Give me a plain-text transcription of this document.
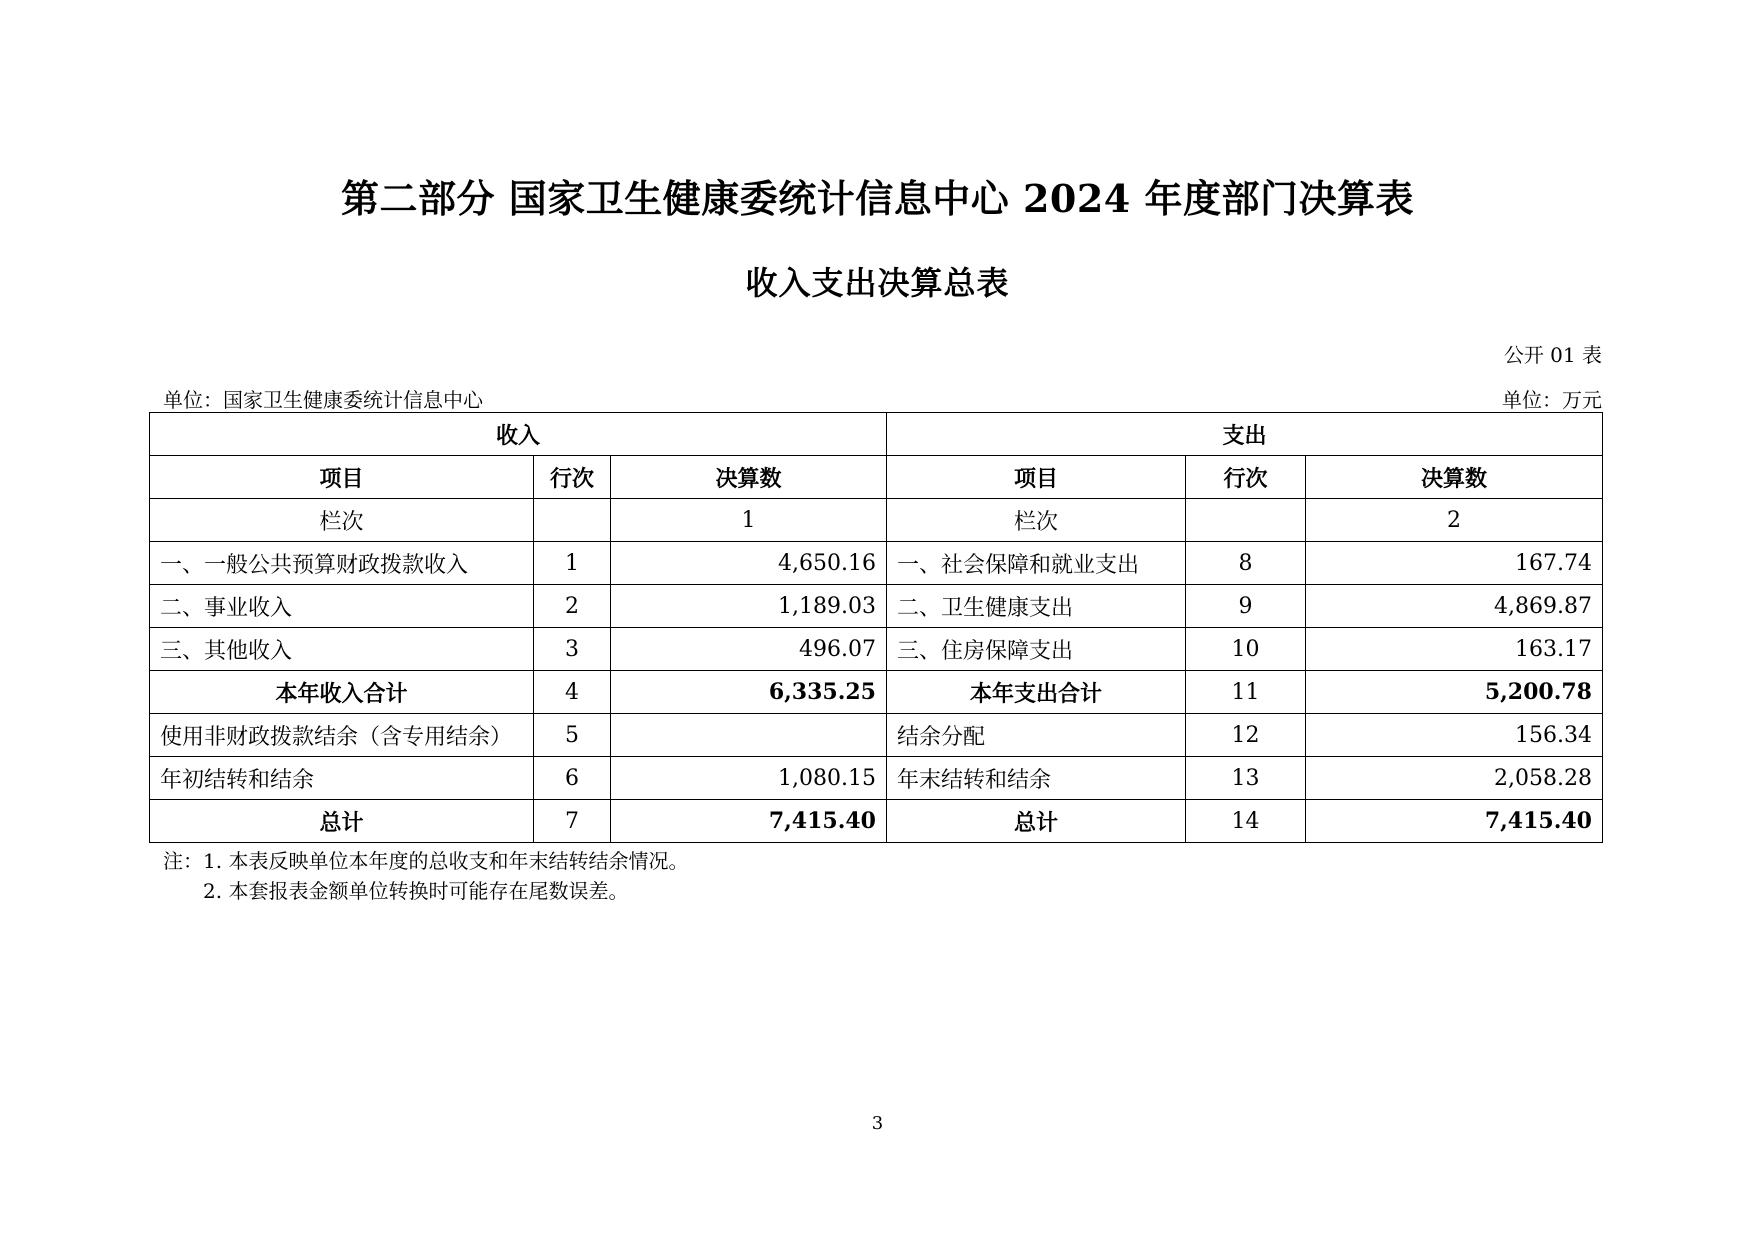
第二部分 国家卫生健康委统计信息中心 2024 年度部门决算表
收入支出决算总表
公开 01 表
单位：国家卫生健康委统计信息中心	单位：万元
收入			支出		
项目	行次	决算数	项目	行次	决算数
栏次		1	栏次		2
一、一般公共预算财政拨款收入	1	4,650.16	一、社会保障和就业支出	8	167.74
二、事业收入	2	1,189.03	二、卫生健康支出	9	4,869.87
三、其他收入	3	496.07	三、住房保障支出	10	163.17
本年收入合计	4	6,335.25	本年支出合计	11	5,200.78
使用非财政拨款结余（含专用结余）	5		结余分配	12	156.34
年初结转和结余	6	1,080.15	年末结转和结余	13	2,058.28
总计	7	7,415.40	总计	14	7,415.40
注：1. 本表反映单位本年度的总收支和年末结转结余情况。
2. 本套报表金额单位转换时可能存在尾数误差。
3
